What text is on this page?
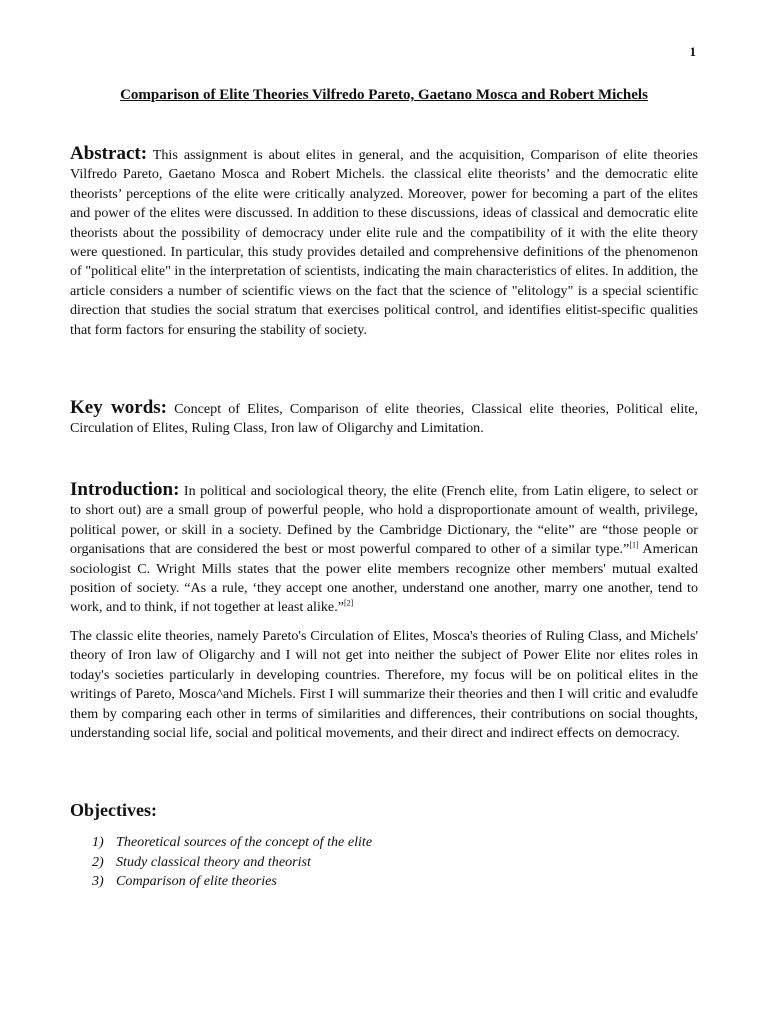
1
Comparison of Elite Theories Vilfredo Pareto, Gaetano Mosca and Robert Michels
Abstract: This assignment is about elites in general, and the acquisition, Comparison of elite theories Vilfredo Pareto, Gaetano Mosca and Robert Michels. the classical elite theorists’ and the democratic elite theorists’ perceptions of the elite were critically analyzed. Moreover, power for becoming a part of the elites and power of the elites were discussed. In addition to these discussions, ideas of classical and democratic elite theorists about the possibility of democracy under elite rule and the compatibility of it with the elite theory were questioned. In particular, this study provides detailed and comprehensive definitions of the phenomenon of "political elite" in the interpretation of scientists, indicating the main characteristics of elites. In addition, the article considers a number of scientific views on the fact that the science of "elitology" is a special scientific direction that studies the social stratum that exercises political control, and identifies elitist-specific qualities that form factors for ensuring the stability of society.
Key words: Concept of Elites, Comparison of elite theories, Classical elite theories, Political elite, Circulation of Elites, Ruling Class, Iron law of Oligarchy and Limitation.
Introduction: In political and sociological theory, the elite (French elite, from Latin eligere, to select or to short out) are a small group of powerful people, who hold a disproportionate amount of wealth, privilege, political power, or skill in a society. Defined by the Cambridge Dictionary, the “elite” are “those people or organisations that are considered the best or most powerful compared to other of a similar type.”[1] American sociologist C. Wright Mills states that the power elite members recognize other members' mutual exalted position of society. “As a rule, ‘they accept one another, understand one another, marry one another, tend to work, and to think, if not together at least alike.”[2]
The classic elite theories, namely Pareto's Circulation of Elites, Mosca's theories of Ruling Class, and Michels' theory of Iron law of Oligarchy and I will not get into neither the subject of Power Elite nor elites roles in today's societies particularly in developing countries. Therefore, my focus will be on political elites in the writings of Pareto, Mosca^and Michels. First I will summarize their theories and then I will critic and evaludfe them by comparing each other in terms of similarities and differences, their contributions on social thoughts, understanding social life, social and political movements, and their direct and indirect effects on democracy.
Objectives:
1) Theoretical sources of the concept of the elite
2) Study classical theory and theorist
3) Comparison of elite theories
